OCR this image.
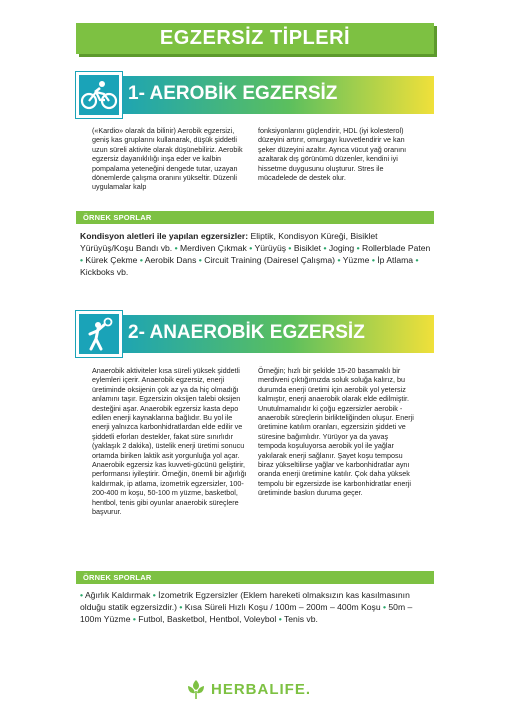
EGZERSİZ TİPLERİ
1- AEROBİK EGZERSİZ
(«Kardio» olarak da bilinir) Aerobik egzersizi, geniş kas gruplarını kullanarak, düşük şiddetli uzun süreli aktivite olarak düşünebiliriz. Aerobik egzersiz dayanıklılığı inşa eder ve kalbin pompalama yeteneğini dengede tutar, uzayan dönemlerde çalışma oranını yükseltir. Düzenli uygulamalar kalp
fonksiyonlarını güçlendirir, HDL (iyi kolesterol) düzeyini artırır, omurgayı kuvvetlendirir ve kan şeker düzeyini azaltır. Ayrıca vücut yağ oranını azaltarak dış görünümü düzenler, kendini iyi hissetme duygusunu oluşturur. Stres ile mücadelede de destek olur.
ÖRNEK SPORLAR
Kondisyon aletleri ile yapılan egzersizler: Eliptik, Kondisyon Küreği, Bisiklet Yürüyüş/Koşu Bandı vb. • Merdiven Çıkmak • Yürüyüş • Bisiklet • Joging • Rollerblade Paten • Kürek Çekme • Aerobik Dans • Circuit Training (Dairesel Çalışma) • Yüzme • İp Atlama • Kickboks vb.
2- ANAEROBİK EGZERSİZ
Anaerobik aktiviteler kısa süreli yüksek şiddetli eylemleri içerir. Anaerobik egzersiz, enerji üretiminde oksijenin çok az ya da hiç olmadığı anlamını taşır. Egzersizin oksijen talebi oksijen desteğini aşar. Anaerobik egzersiz kasta depo edilen enerji kaynaklarına bağlıdır. Bu yol ile enerji yalnızca karbonhidratlardan elde edilir ve şiddetli eforları destekler, fakat süre sınırlıdır (yaklaşık 2 dakika), üstelik enerji üretimi sonucu ortamda biriken laktik asit yorgunluğa yol açar. Anaerobik egzersiz kas kuvveti-gücünü geliştirir, performansı iyileştirir. Örneğin, önemli bir ağırlığı kaldırmak, ip atlama, izometrik egzersizler, 100-200-400 m koşu, 50-100 m yüzme, basketbol, hentbol, tenis gibi oyunlar anaerobik süreçlere başvurur.
Örneğin; hızlı bir şekilde 15-20 basamaklı bir merdiveni çıktığımızda soluk soluğa kalırız, bu durumda enerji üretimi için aerobik yol yetersiz kalmıştır, enerji anaerobik olarak elde edilmiştir. Unutulmamalıdır ki çoğu egzersizler aerobik - anaerobik süreçlerin birlikteliğinden oluşur. Enerji üretimine katılım oranları, egzersizin şiddeti ve süresine bağımlıdır. Yürüyor ya da yavaş tempoda koşuluyorsa aerobik yol ile yağlar yakılarak enerji sağlanır. Şayet koşu temposu biraz yükseltilirse yağlar ve karbonhidratlar aynı oranda enerji üretimine katılır. Çok daha yüksek tempolu bir egzersizde ise karbonhidratlar enerji üretiminde baskın duruma geçer.
ÖRNEK SPORLAR
• Ağırlık Kaldırmak • İzometrik Egzersizler (Eklem hareketi olmaksızın kas kasılmasının olduğu statik egzersizdir.) • Kısa Süreli Hızlı Koşu / 100m – 200m – 400m Koşu • 50m – 100m Yüzme • Futbol, Basketbol, Hentbol, Voleybol • Tenis vb.
HERBALIFE.
